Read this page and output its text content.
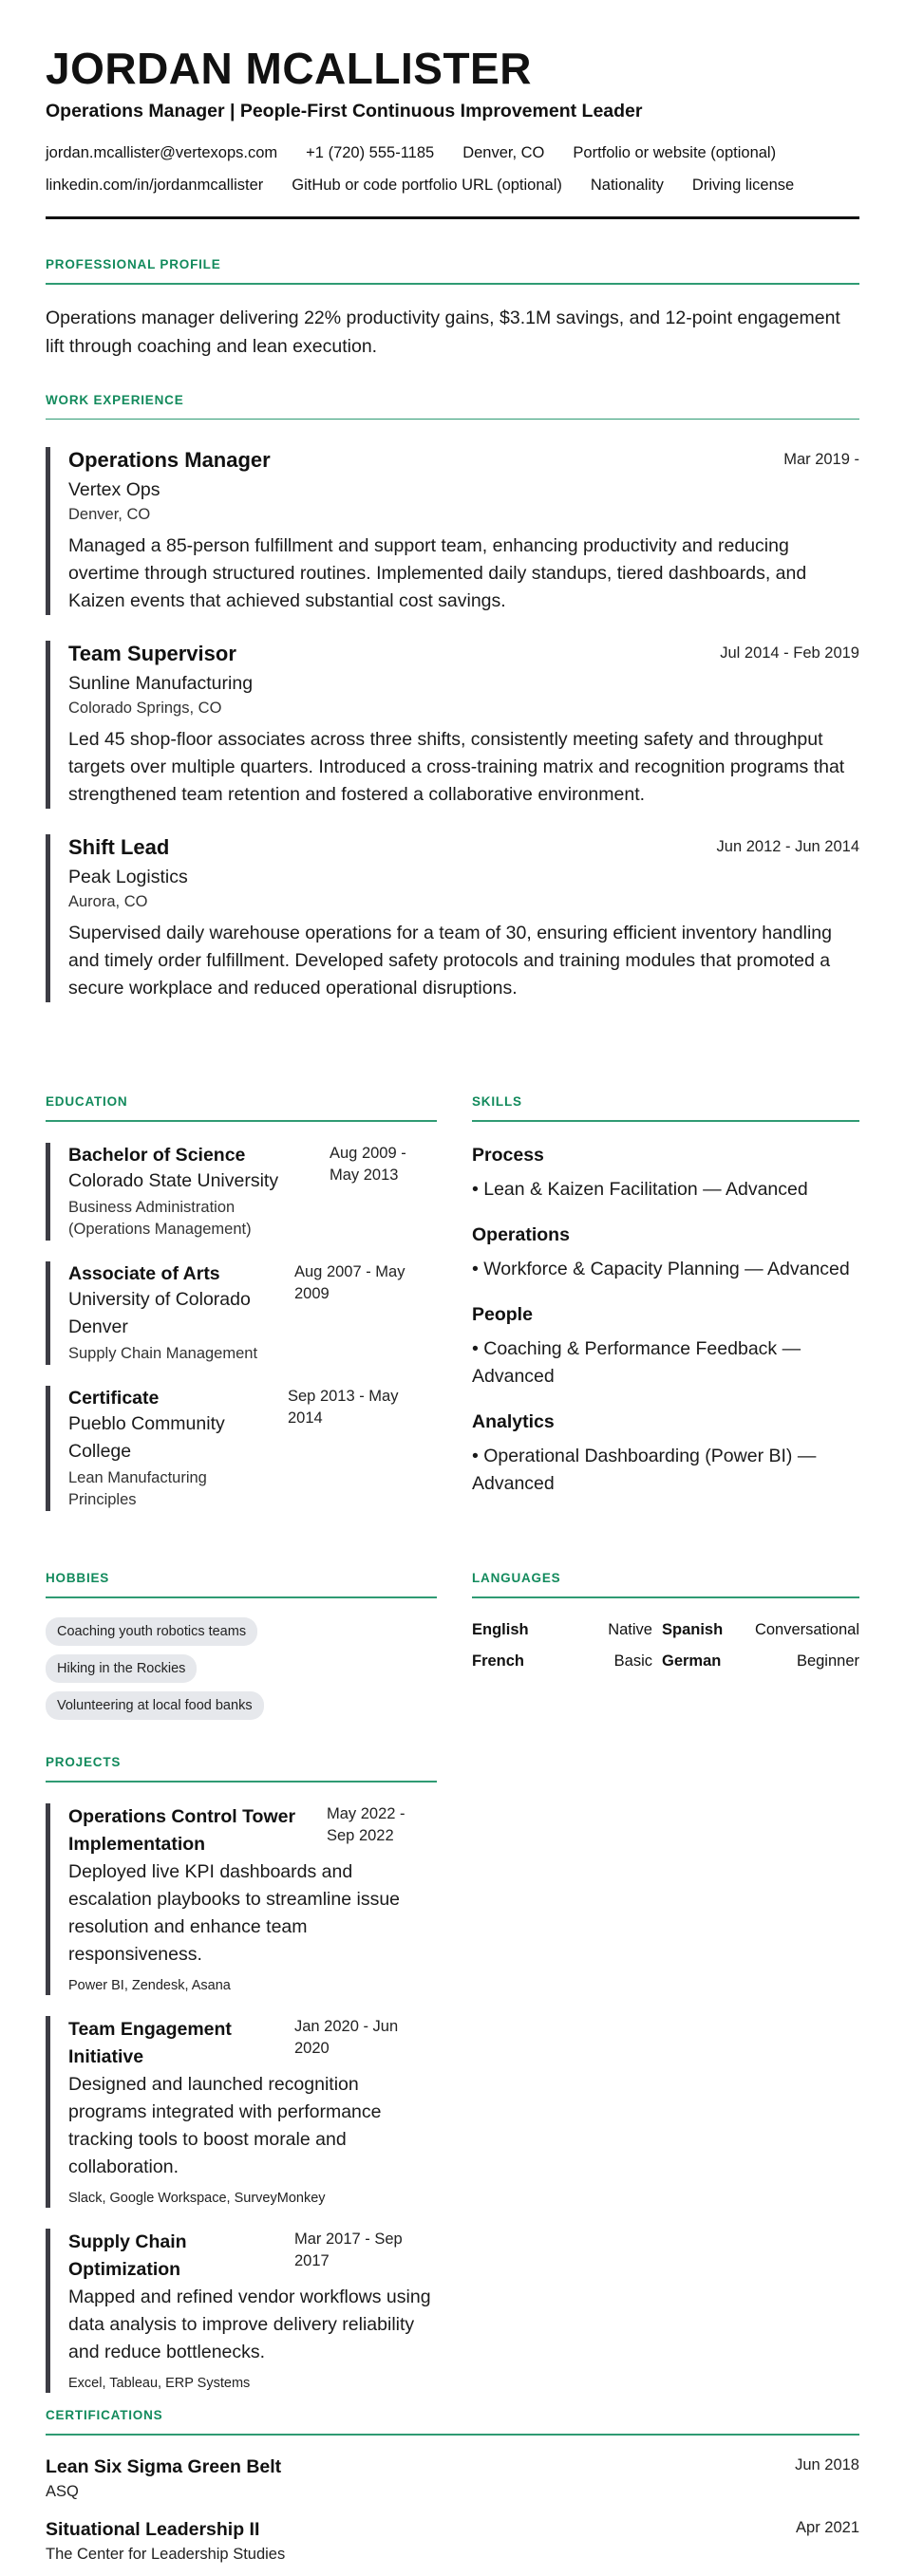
JORDAN MCALLISTER
Operations Manager | People-First Continuous Improvement Leader
jordan.mcallister@vertexops.com +1 (720) 555-1185 Denver, CO Portfolio or website (optional)
linkedin.com/in/jordanmcallister GitHub or code portfolio URL (optional) Nationality Driving license
PROFESSIONAL PROFILE
Operations manager delivering 22% productivity gains, $3.1M savings, and 12-point engagement lift through coaching and lean execution.
WORK EXPERIENCE
Operations Manager
Vertex Ops
Denver, CO
Managed a 85-person fulfillment and support team, enhancing productivity and reducing overtime through structured routines. Implemented daily standups, tiered dashboards, and Kaizen events that achieved substantial cost savings.
Mar 2019 -
Team Supervisor
Sunline Manufacturing
Colorado Springs, CO
Led 45 shop-floor associates across three shifts, consistently meeting safety and throughput targets over multiple quarters. Introduced a cross-training matrix and recognition programs that strengthened team retention and fostered a collaborative environment.
Jul 2014 - Feb 2019
Shift Lead
Peak Logistics
Aurora, CO
Supervised daily warehouse operations for a team of 30, ensuring efficient inventory handling and timely order fulfillment. Developed safety protocols and training modules that promoted a secure workplace and reduced operational disruptions.
Jun 2012 - Jun 2014
EDUCATION
Bachelor of Science
Colorado State University
Business Administration (Operations Management)
Aug 2009 - May 2013
Associate of Arts
University of Colorado Denver
Supply Chain Management
Aug 2007 - May 2009
Certificate
Pueblo Community College
Lean Manufacturing Principles
Sep 2013 - May 2014
SKILLS
Process
• Lean & Kaizen Facilitation — Advanced
Operations
• Workforce & Capacity Planning — Advanced
People
• Coaching & Performance Feedback — Advanced
Analytics
• Operational Dashboarding (Power BI) — Advanced
HOBBIES
Coaching youth robotics teams
Hiking in the Rockies
Volunteering at local food banks
LANGUAGES
English	Native Spanish Conversational
French	Basic German	Beginner
PROJECTS
Operations Control Tower Implementation
Deployed live KPI dashboards and escalation playbooks to streamline issue resolution and enhance team responsiveness.
Power BI, Zendesk, Asana
May 2022 - Sep 2022
Team Engagement Initiative
Designed and launched recognition programs integrated with performance tracking tools to boost morale and collaboration.
Slack, Google Workspace, SurveyMonkey
Jan 2020 - Jun 2020
Supply Chain Optimization
Mapped and refined vendor workflows using data analysis to improve delivery reliability and reduce bottlenecks.
Excel, Tableau, ERP Systems
Mar 2017 - Sep 2017
CERTIFICATIONS
Lean Six Sigma Green Belt
ASQ
Jun 2018
Situational Leadership II
The Center for Leadership Studies
Apr 2021
